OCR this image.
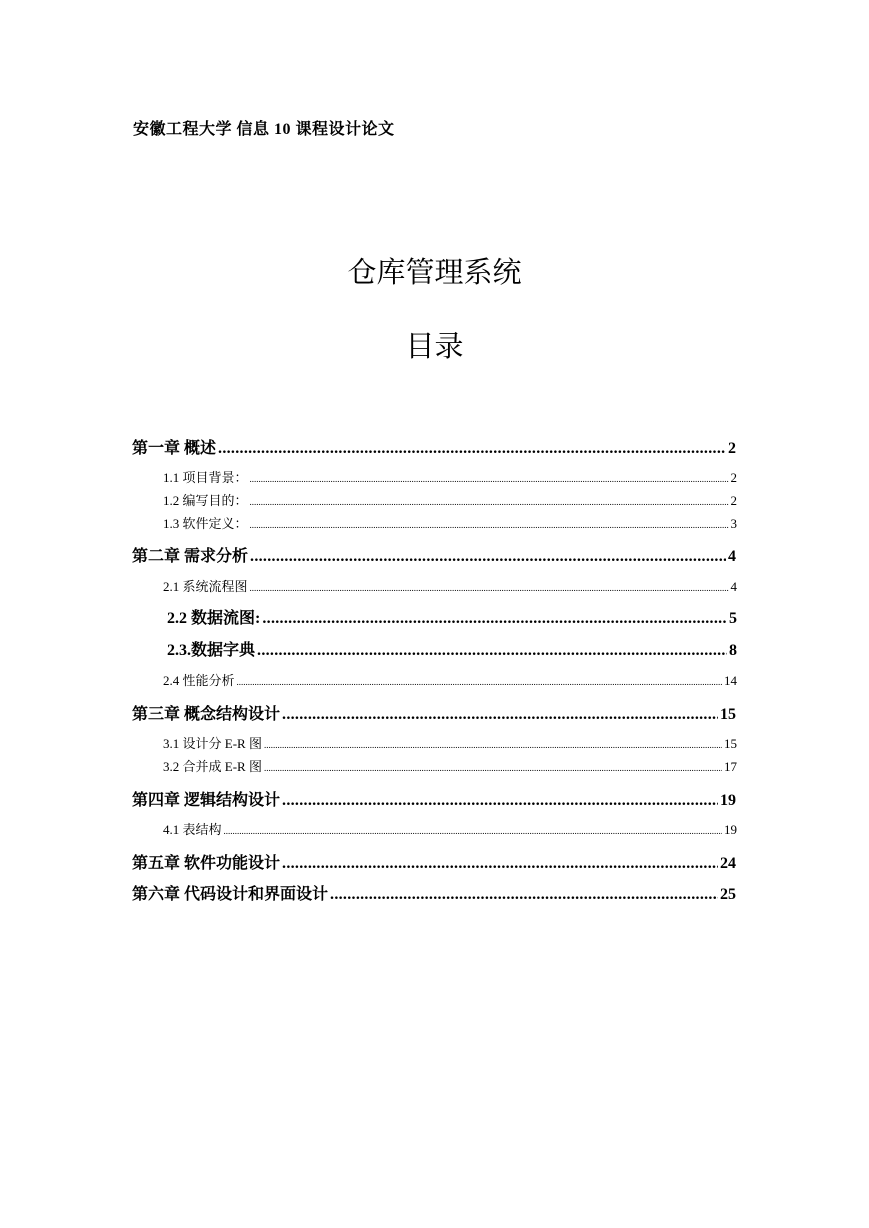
安徽工程大学 信息 10 课程设计论文
仓库管理系统
目录
第一章 概述 .....	2
1.1 项目背景： .....	2
1.2 编写目的： .....	2
1.3 软件定义： .....	3
第二章 需求分析 .....	4
2.1 系统流程图 .....	4
2.2 数据流图: .....	5
2.3.数据字典 .....	8
2.4 性能分析 .....	14
第三章 概念结构设计 .....	15
3.1 设计分 E-R 图 .....	15
3.2 合并成 E-R 图 .....	17
第四章 逻辑结构设计 .....	19
4.1 表结构 .....	19
第五章 软件功能设计 .....	24
第六章 代码设计和界面设计 .....	25
